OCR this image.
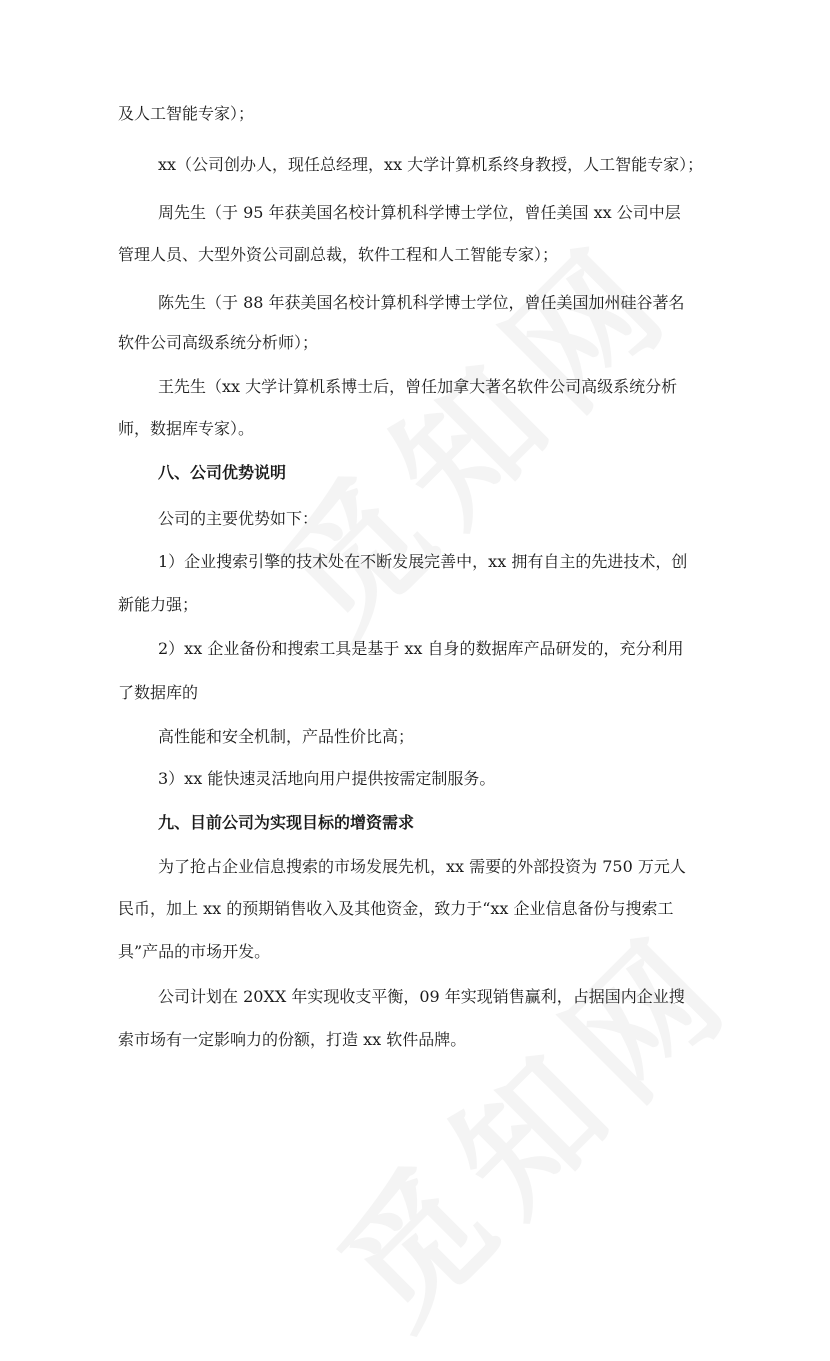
及人工智能专家）；
xx（公司创办人，现任总经理，xx 大学计算机系终身教授，人工智能专家）；
周先生（于 95 年获美国名校计算机科学博士学位，曾任美国 xx 公司中层
管理人员、大型外资公司副总裁，软件工程和人工智能专家）；
陈先生（于 88 年获美国名校计算机科学博士学位，曾任美国加州硅谷著名
软件公司高级系统分析师）；
王先生（xx 大学计算机系博士后，曾任加拿大著名软件公司高级系统分析
师，数据库专家）。
八、公司优势说明
公司的主要优势如下：
1）企业搜索引擎的技术处在不断发展完善中，xx 拥有自主的先进技术，创
新能力强；
2）xx 企业备份和搜索工具是基于 xx 自身的数据库产品研发的，充分利用
了数据库的
高性能和安全机制，产品性价比高；
3）xx 能快速灵活地向用户提供按需定制服务。
九、目前公司为实现目标的增资需求
为了抢占企业信息搜索的市场发展先机，xx 需要的外部投资为 750 万元人
民币，加上 xx 的预期销售收入及其他资金，致力于“xx 企业信息备份与搜索工
具”产品的市场开发。
公司计划在 20XX 年实现收支平衡，09 年实现销售赢利，占据国内企业搜
索市场有一定影响力的份额，打造 xx 软件品牌。
